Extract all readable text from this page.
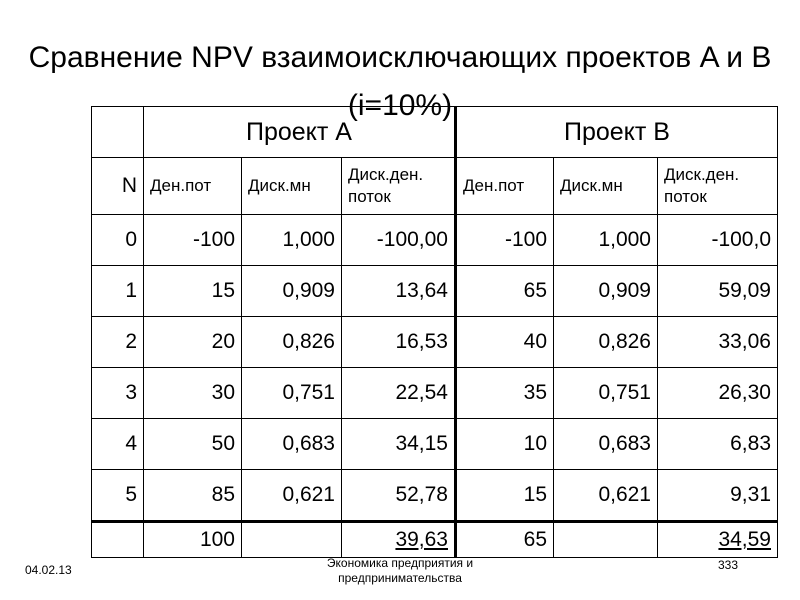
Сравнение NPV взаимоисключающих проектов A и B (i=10%)
	Проект A			Проект B		
N	Ден.пот	Диск.мн	Диск.ден. поток	Ден.пот	Диск.мн	Диск.ден. поток
0	-100	1,000	-100,00	-100	1,000	-100,0
1	15	0,909	13,64	65	0,909	59,09
2	20	0,826	16,53	40	0,826	33,06
3	30	0,751	22,54	35	0,751	26,30
4	50	0,683	34,15	10	0,683	6,83
5	85	0,621	52,78	15	0,621	9,31
	100		39,63	65		34,59
04.02.13	Экономика предприятия и предпринимательства
333
